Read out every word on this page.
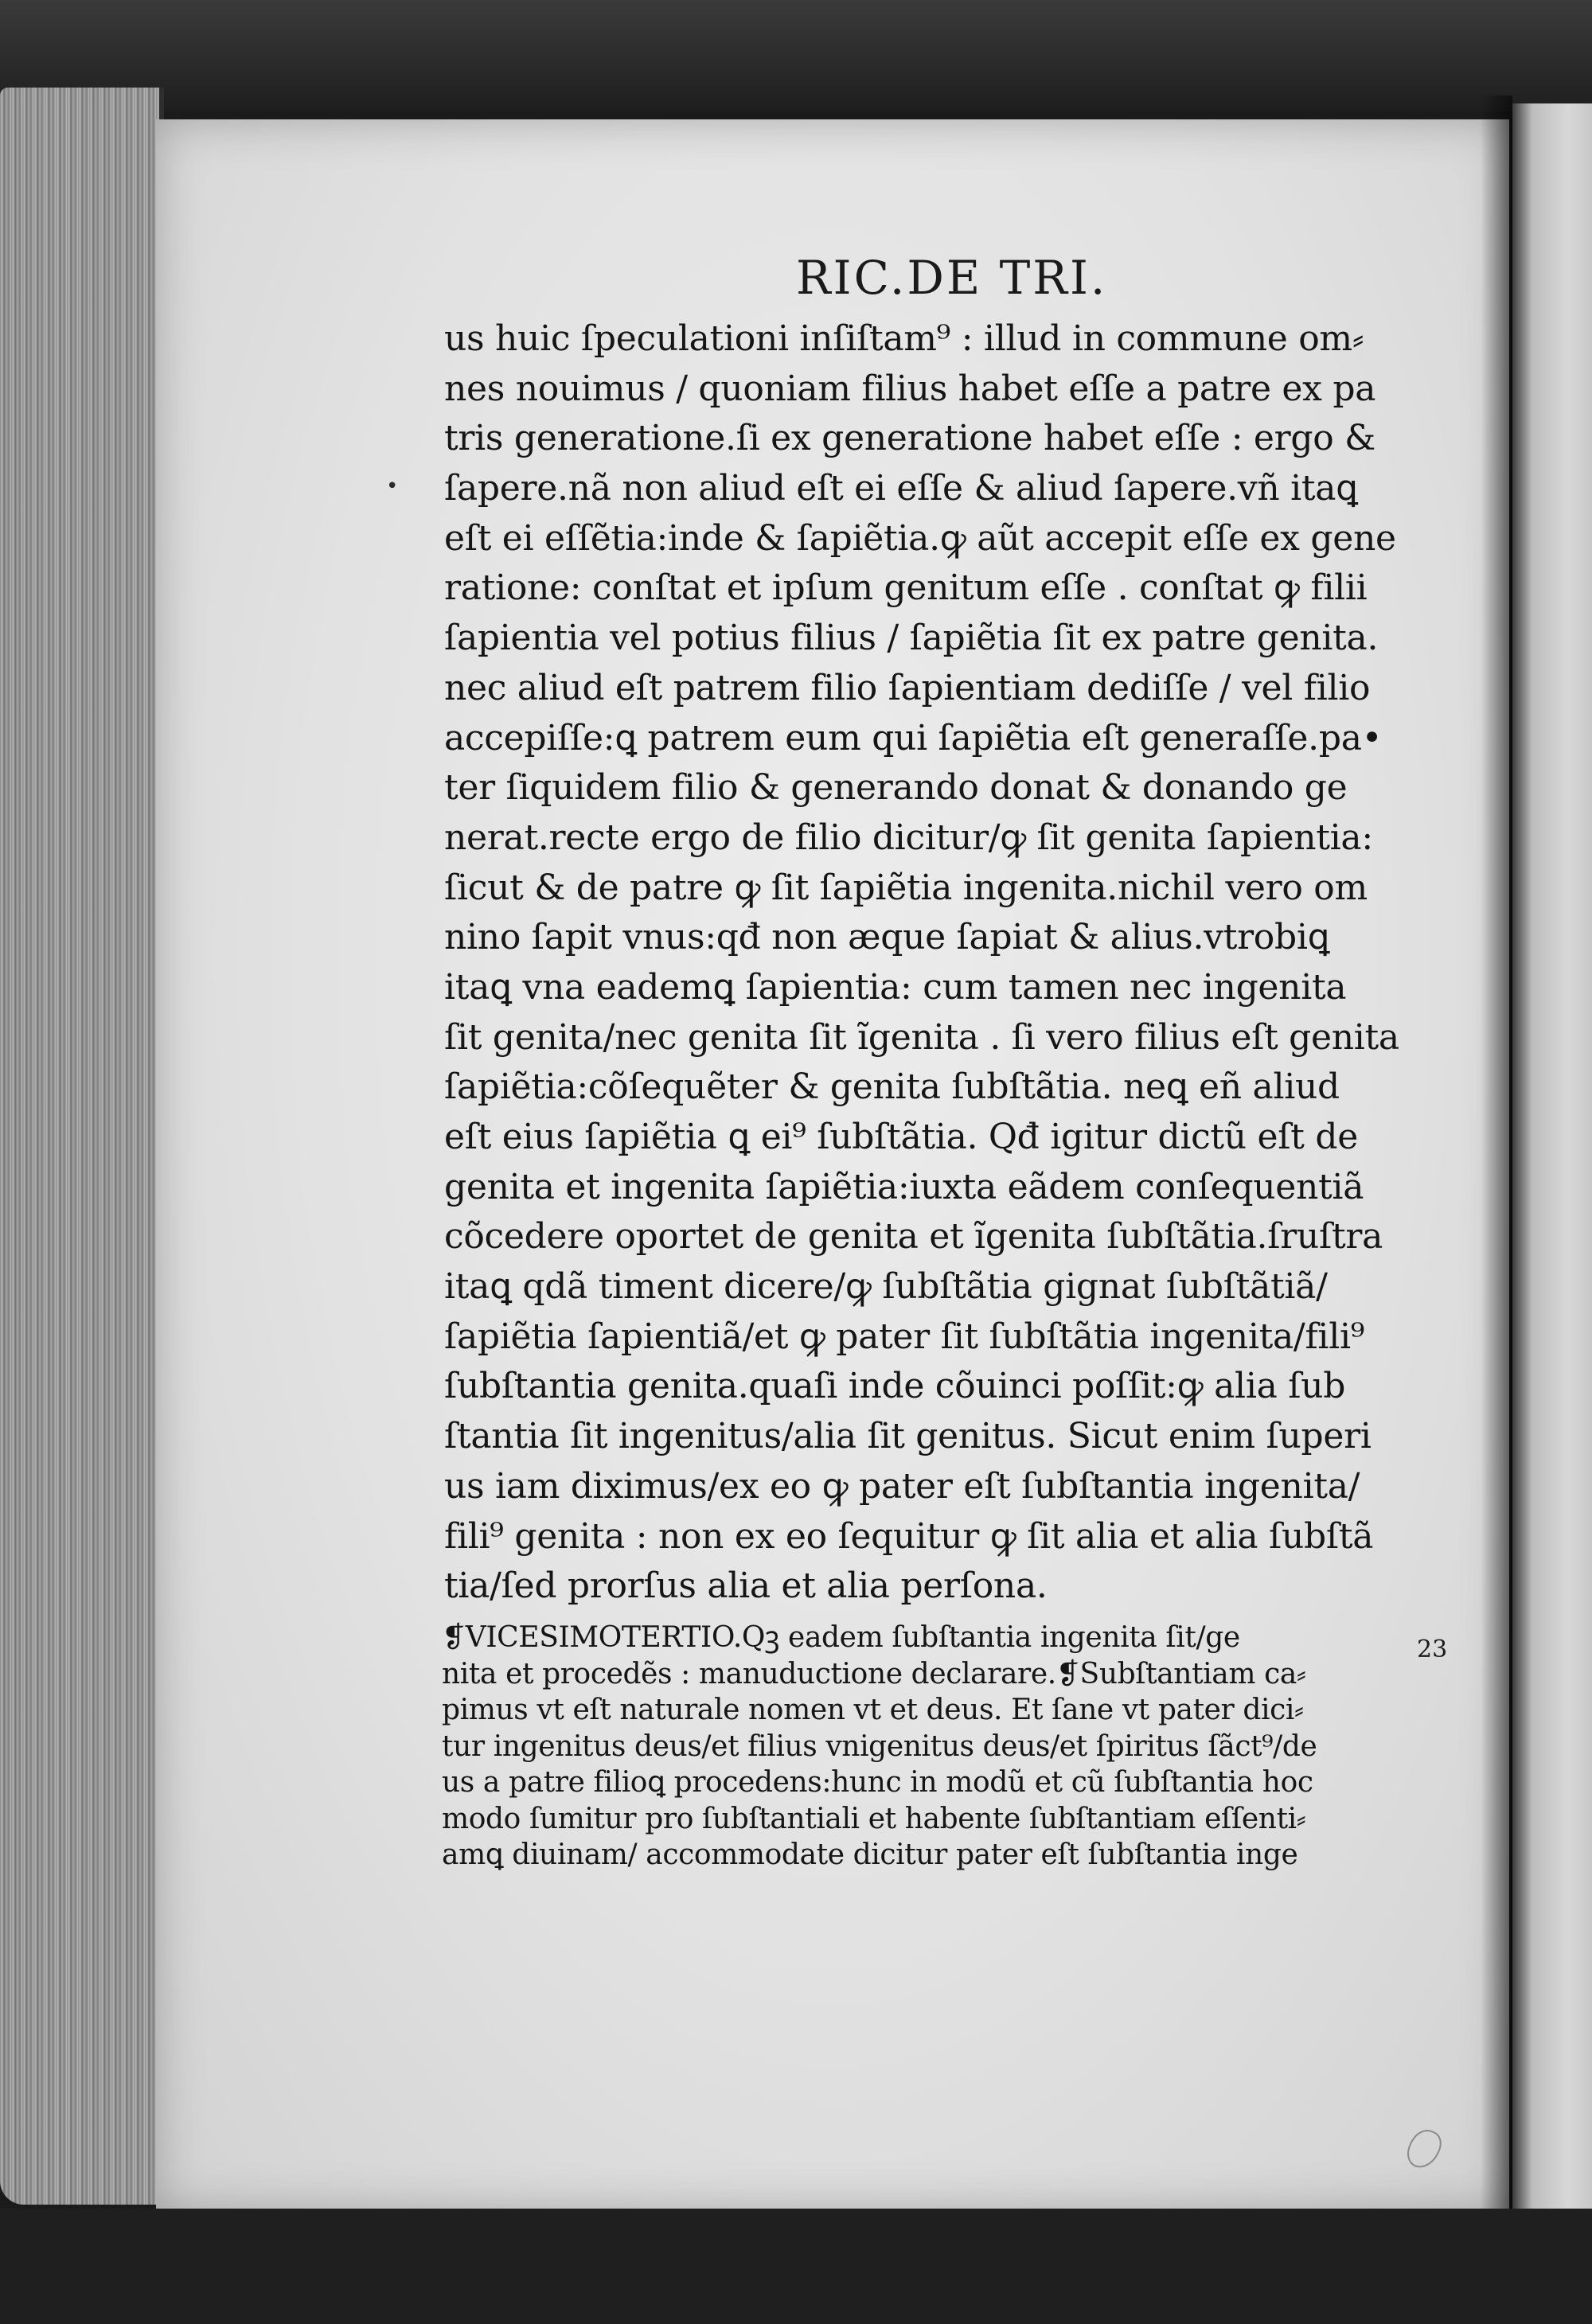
RIC.DE TRI.
•
us huic ſpeculationi inſiſtam⁹ : illud in commune om⸗
nes nouimus / quoniam filius habet eſſe a patre ex pa
tris generatione.ſi ex generatione habet eſſe : ergo &
ſapere.nã non aliud eſt ei eſſe & aliud ſapere.vñ itaꝗ
eſt ei eſſẽtia:inde & ſapiẽtia.ꝙ aũt accepit eſſe ex gene
ratione: conſtat et ipſum genitum eſſe . conſtat ꝙ filii
ſapientia vel potius filius / ſapiẽtia ſit ex patre genita.
nec aliud eſt patrem filio ſapientiam dediſſe / vel filio
accepiſſe:ꝗ patrem eum qui ſapiẽtia eſt generaſſe.pa•
ter ſiquidem filio & generando donat & donando ge
nerat.recte ergo de filio dicitur/ꝙ ſit genita ſapientia:
ſicut & de patre ꝙ ſit ſapiẽtia ingenita.nichil vero om
nino ſapit vnus:qđ non æque ſapiat & alius.vtrobiꝗ
itaꝗ vna eademꝗ ſapientia: cum tamen nec ingenita
ſit genita/nec genita ſit ĩgenita . ſi vero filius eſt genita
ſapiẽtia:cõſequẽter & genita ſubſtãtia. neꝗ eñ aliud
eſt eius ſapiẽtia ꝗ ei⁹ ſubſtãtia. Qđ igitur dictũ eſt de
genita et ingenita ſapiẽtia:iuxta eãdem conſequentiã
cõcedere oportet de genita et ĩgenita ſubſtãtia.ſruſtra
itaꝗ qdã timent dicere/ꝙ ſubſtãtia gignat ſubſtãtiã/
ſapiẽtia ſapientiã/et ꝙ pater ſit ſubſtãtia ingenita/fili⁹
ſubſtantia genita.quaſi inde cõuinci poſſit:ꝙ alia ſub
ſtantia ſit ingenitus/alia ſit genitus. Sicut enim ſuperi
us iam diximus/ex eo ꝙ pater eſt ſubſtantia ingenita/
fili⁹ genita : non ex eo ſequitur ꝙ ſit alia et alia ſubſtã
tia/ſed prorſus alia et alia perſona.
❡VICESIMOTERTIO.Qꝫ eadem ſubſtantia ingenita ſit/ge
nita et procedẽs : manuductione declarare.❡Subſtantiam ca⸗
pimus vt eſt naturale nomen vt et deus. Et ſane vt pater dici⸗
tur ingenitus deus/et filius vnigenitus deus/et ſpiritus ſãct⁹/de
us a patre filioꝗ procedens:hunc in modũ et cũ ſubſtantia hoc
modo ſumitur pro ſubſtantiali et habente ſubſtantiam eſſenti⸗
amꝗ diuinam/ accommodate dicitur pater eſt ſubſtantia inge
23
